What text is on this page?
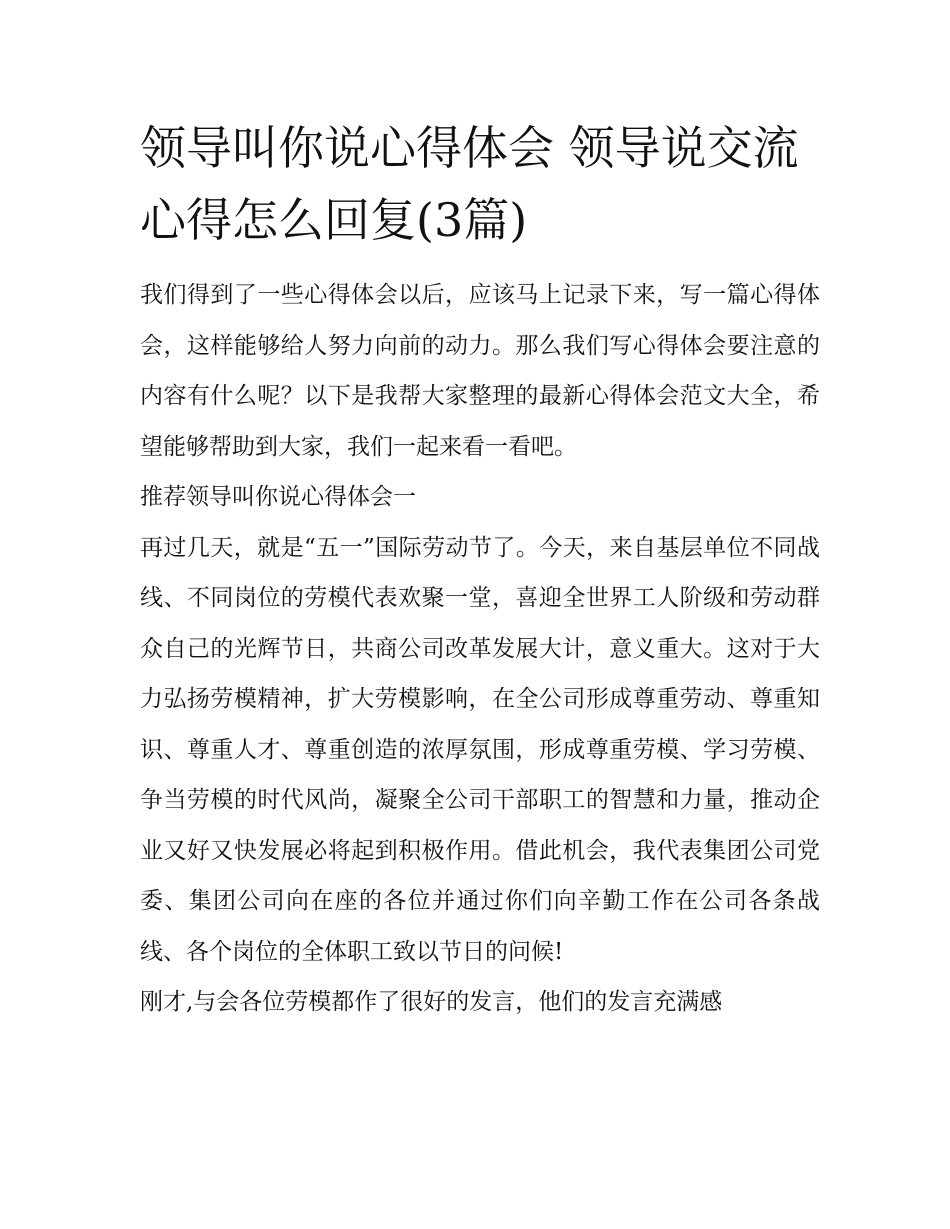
领导叫你说心得体会 领导说交流心得怎么回复(3篇)

我们得到了一些心得体会以后，应该马上记录下来，写一篇心得体会，这样能够给人努力向前的动力。那么我们写心得体会要注意的内容有什么呢？以下是我帮大家整理的最新心得体会范文大全，希望能够帮助到大家，我们一起来看一看吧。

推荐领导叫你说心得体会一

再过几天，就是“五一”国际劳动节了。今天，来自基层单位不同战线、不同岗位的劳模代表欢聚一堂，喜迎全世界工人阶级和劳动群众自己的光辉节日，共商公司改革发展大计，意义重大。这对于大力弘扬劳模精神，扩大劳模影响，在全公司形成尊重劳动、尊重知识、尊重人才、尊重创造的浓厚氛围，形成尊重劳模、学习劳模、争当劳模的时代风尚，凝聚全公司干部职工的智慧和力量，推动企业又好又快发展必将起到积极作用。借此机会，我代表集团公司党委、集团公司向在座的各位并通过你们向辛勤工作在公司各条战线、各个岗位的全体职工致以节日的问候!

刚才,与会各位劳模都作了很好的发言，他们的发言充满感
